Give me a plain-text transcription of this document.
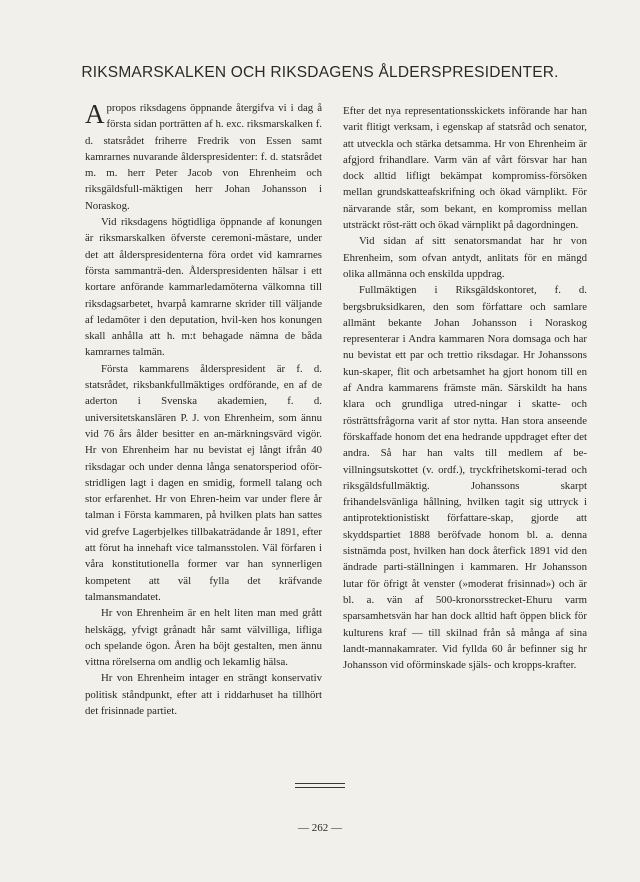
RIKSMARSKALKEN OCH RIKSDAGENS ÅLDERSPRESIDENTER.

Apropos riksdagens öppnande återgifva vi i dag å första sidan porträtten af h. exc. riksmarskalken f. d. statsrådet friherre Fredrik von Essen samt kamrarnes nuvarande ålderspresidenter: f. d. statsrådet m. m. herr Peter Jacob von Ehrenheim och riksgäldsfull-mäktigen herr Johan Johansson i Noraskog.

Vid riksdagens högtidliga öppnande af konungen är riksmarskalken öfverste ceremoni-mästare, under det att ålderspresidenterna föra ordet vid kamrarnes första sammanträ-den. Ålderspresidenten hälsar i ett kortare anförande kammarledamöterna välkomna till riksdagsarbetet, hvarpå kamrarne skrider till väljande af ledamöter i den deputation, hvil-ken hos konungen skall anhålla att h. m:t behagade nämna de båda kamrarnes talmän.

Första kammarens ålderspresident är f. d. statsrådet, riksbankfullmäktiges ordförande, en af de aderton i Svenska akademien, f. d. universitetskanslären P. J. von Ehrenheim, som ännu vid 76 års ålder besitter en an-märkningsvärd vigör. Hr von Ehrenheim har nu bevistat ej långt ifrån 40 riksdagar och under denna långa senatorsperiod oför-stridligen lagt i dagen en smidig, formell talang och stor erfarenhet. Hr von Ehren-heim var under flere år talman i Första kammaren, på hvilken plats han sattes vid grefve Lagerbjelkes tillbakaträdande år 1891, efter att förut ha innehaft vice talmansstolen. Väl förfaren i våra konstitutionella former var han synnerligen kompetent att väl fylla det kräfvande talmansmandatet.

Hr von Ehrenheim är en helt liten man med grått helskägg, yfvigt grånadt hår samt välvilliga, lifliga och spelande ögon. Åren ha böjt gestalten, men ännu vittna rörelserna om andlig och lekamlig hälsa.

Hr von Ehrenheim intager en strängt konservativ politisk ståndpunkt, efter att i riddarhuset ha tillhört det frisinnade partiet.

Efter det nya representationsskickets införande har han varit flitigt verksam, i egenskap af statsråd och senator, att utveckla och stärka detsamma. Hr von Ehrenheim är afgjord frihandlare. Varm vän af vårt försvar har han dock alltid lifligt bekämpat kompromiss-försöken mellan grundskatteafskrifning och ökad värnplikt. För närvarande står, som bekant, en kompromiss mellan utsträckt röst-rätt och ökad värnplikt på dagordningen.

Vid sidan af sitt senatorsmandat har hr von Ehrenheim, som ofvan antydt, anlitats för en mängd olika allmänna och enskilda uppdrag.

Fullmäktigen i Riksgäldskontoret, f. d. bergsbruksidkaren, den som författare och samlare allmänt bekante Johan Johansson i Noraskog representerar i Andra kammaren Nora domsaga och har nu bevistat ett par och trettio riksdagar. Hr Johanssons kun-skaper, flit och arbetsamhet ha gjort honom till en af Andra kammarens främste män. Särskildt ha hans klara och grundliga utred-ningar i skatte- och rösträttsfrågorna varit af stor nytta. Han stora anseende förskaffade honom det ena hedrande uppdraget efter det andra. Så har han valts till medlem af be-villningsutskottet (v. ordf.), tryckfrihetskomi-terad och riksgäldsfullmäktig. Johanssons skarpt frihandelsvänliga hållning, hvilken tagit sig uttryck i antiprotektionistiskt författare-skap, gjorde att skyddspartiet 1888 beröfvade honom bl. a. denna sistnämda post, hvilken han dock återfick 1891 vid den ändrade parti-ställningen i kammaren. Hr Johansson lutar för öfrigt åt venster (»moderat frisinnad») och är bl. a. vän af 500-kronorsstrecket-Ehuru varm sparsamhetsvän har han dock alltid haft öppen blick för kulturens kraf — till skilnad från så många af sina landt-mannakamrater. Vid fyllda 60 år befinner sig hr Johansson vid oförminskade själs- och kropps-krafter.

— 262 —
